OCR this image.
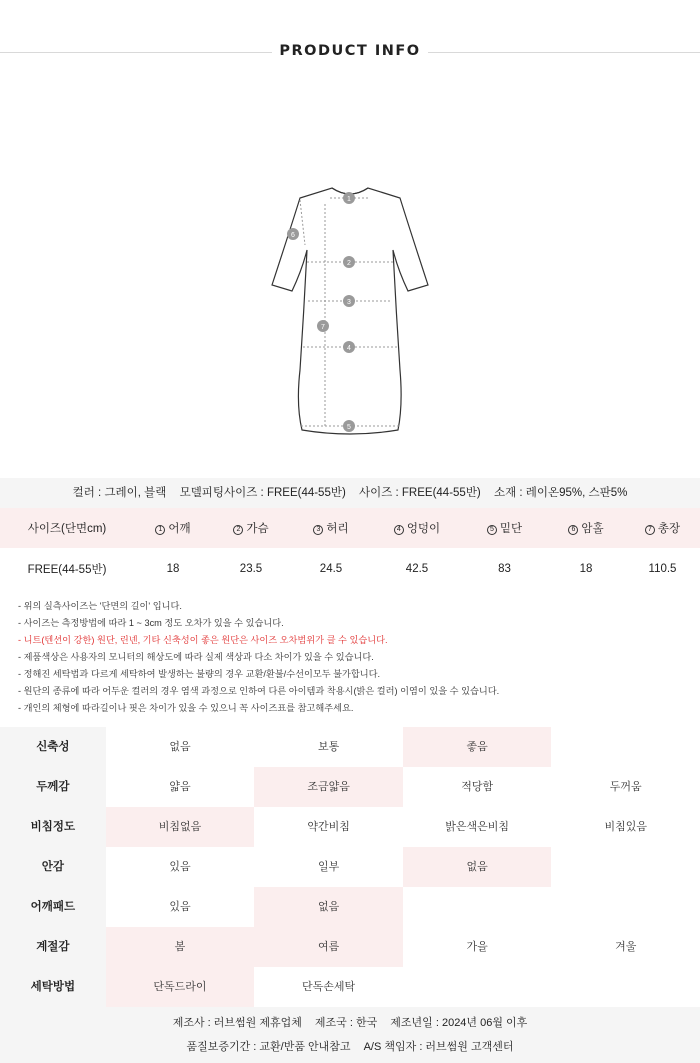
PRODUCT INFO
1
2
3
4
5
6
7
컬러 : 그레이, 블랙 모델피팅사이즈 : FREE(44-55반) 사이즈 : FREE(44-55반) 소재 : 레이온95%, 스판5%
사이즈(단면cm)	1 어깨	2 가슴	3 허리	4 엉덩이	5 밑단	6 암홀	7 총장
FREE(44-55반)	18	23.5	24.5	42.5	83	18	110.5
- 위의 실측사이즈는 '단면의 길이' 입니다.
- 사이즈는 측정방법에 따라 1 ~ 3cm 정도 오차가 있을 수 있습니다.
- 니트(텐션이 강한) 원단, 린넨, 기타 신축성이 좋은 원단은 사이즈 오차범위가 클 수 있습니다.
- 제품색상은 사용자의 모니터의 해상도에 따라 실제 색상과 다소 차이가 있을 수 있습니다.
- 정해진 세탁법과 다르게 세탁하여 발생하는 불량의 경우 교환/환불/수선이모두 불가합니다.
- 원단의 종류에 따라 어두운 컬러의 경우 염색 과정으로 인하여 다른 아이템과 착용시(밝은 컬러) 이염이 있을 수 있습니다.
- 개인의 체형에 따라길이나 핏은 차이가 있을 수 있으니 꼭 사이즈표를 참고해주세요.
신축성	없음	보통	좋음
두께감	얇음	조금얇음	적당함	두꺼움
비침정도	비침없음	약간비침	밝은색은비침	비침있음
안감	있음	일부	없음
어깨패드	있음	없음
계절감	봄	여름	가을	겨울
세탁방법	단독드라이	단독손세탁
제조사 : 러브썸원 제휴업체 제조국 : 한국 제조년일 : 2024년 06월 이후
품질보증기간 : 교환/반품 안내참고 A/S 책임자 : 러브썸원 고객센터
